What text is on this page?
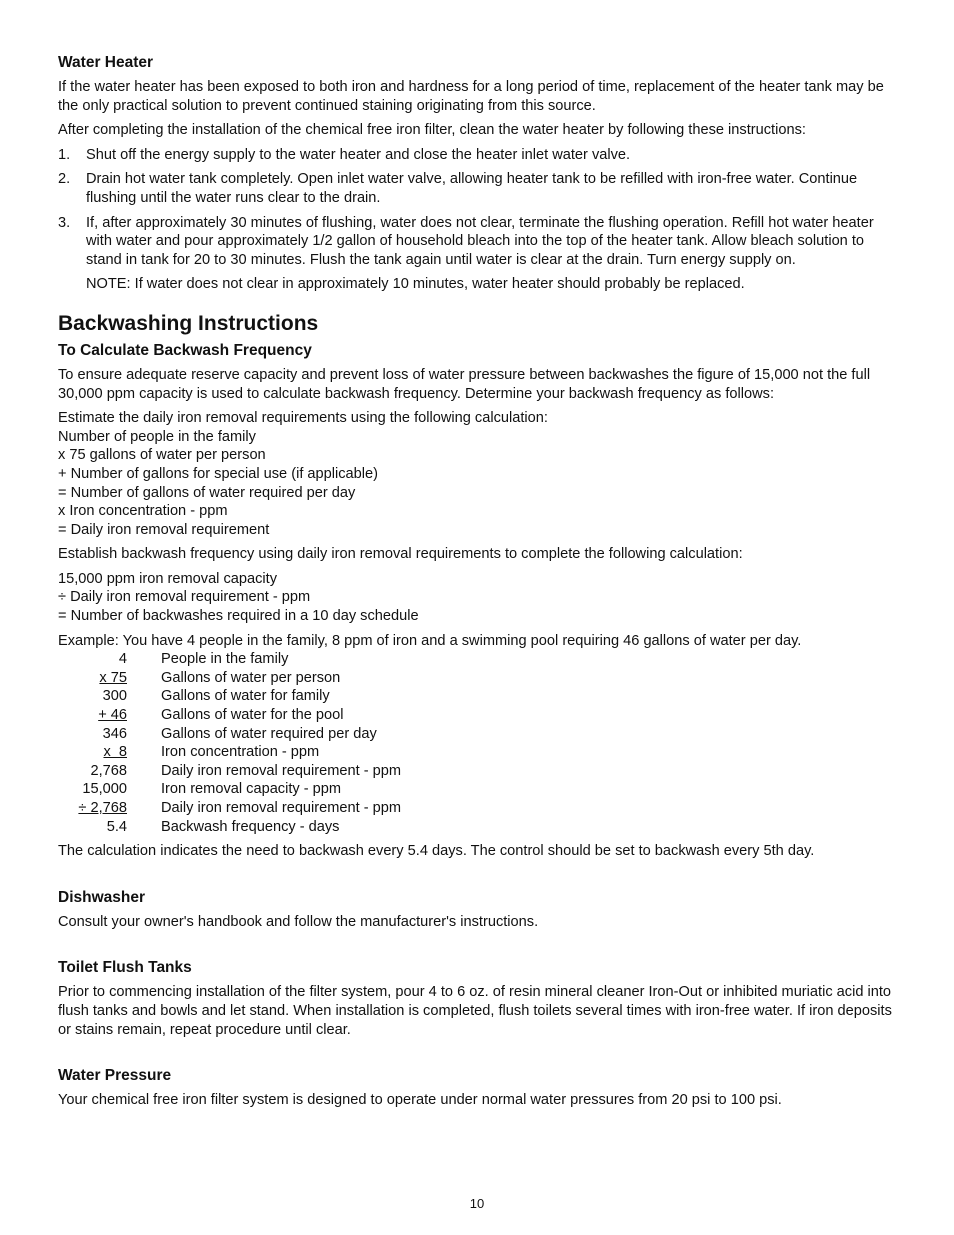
Water Heater

If the water heater has been exposed to both iron and hardness for a long period of time, replacement of the heater tank may be the only practical solution to prevent continued staining originating from this source.

After completing the installation of the chemical free iron filter, clean the water heater by following these instructions:

1.	Shut off the energy supply to the water heater and close the heater inlet water valve.
2.	Drain hot water tank completely. Open inlet water valve, allowing heater tank to be refilled with iron-free water. Continue flushing until the water runs clear to the drain.
3.	If, after approximately 30 minutes of flushing, water does not clear, terminate the flushing operation. Refill hot water heater with water and pour approximately 1/2 gallon of household bleach into the top of the heater tank. Allow bleach solution to stand in tank for 20 to 30 minutes. Flush the tank again until water is clear at the drain. Turn energy supply on.

NOTE: If water does not clear in approximately 10 minutes, water heater should probably be replaced.

Backwashing Instructions
To Calculate Backwash Frequency

To ensure adequate reserve capacity and prevent loss of water pressure between backwashes the figure of 15,000 not the full 30,000 ppm capacity is used to calculate backwash frequency. Determine your backwash frequency as follows:

Estimate the daily iron removal requirements using the following calculation:
Number of people in the family
x 75 gallons of water per person
+ Number of gallons for special use (if applicable)
= Number of gallons of water required per day
x Iron concentration - ppm
= Daily iron removal requirement

Establish backwash frequency using daily iron removal requirements to complete the following calculation:

15,000 ppm iron removal capacity
÷ Daily iron removal requirement - ppm
= Number of backwashes required in a 10 day schedule

Example: You have 4 people in the family, 8 ppm of iron and a swimming pool requiring 46 gallons of water per day.

4	People in the family
x 75	Gallons of water per person
300	Gallons of water for family
+ 46	Gallons of water for the pool
346	Gallons of water required per day
x  8	Iron concentration - ppm
2,768	Daily iron removal requirement - ppm
15,000	Iron removal capacity - ppm
÷ 2,768	Daily iron removal requirement - ppm
5.4	Backwash frequency - days

The calculation indicates the need to backwash every 5.4 days. The control should be set to backwash every 5th day.

Dishwasher

Consult your owner's handbook and follow the manufacturer's instructions.

Toilet Flush Tanks

Prior to commencing installation of the filter system, pour 4 to 6 oz. of resin mineral cleaner Iron-Out or inhibited muriatic acid into flush tanks and bowls and let stand. When installation is completed, flush toilets several times with iron-free water. If iron deposits or stains remain, repeat procedure until clear.

Water Pressure

Your chemical free iron filter system is designed to operate under normal water pressures from 20 psi to 100 psi.

10
